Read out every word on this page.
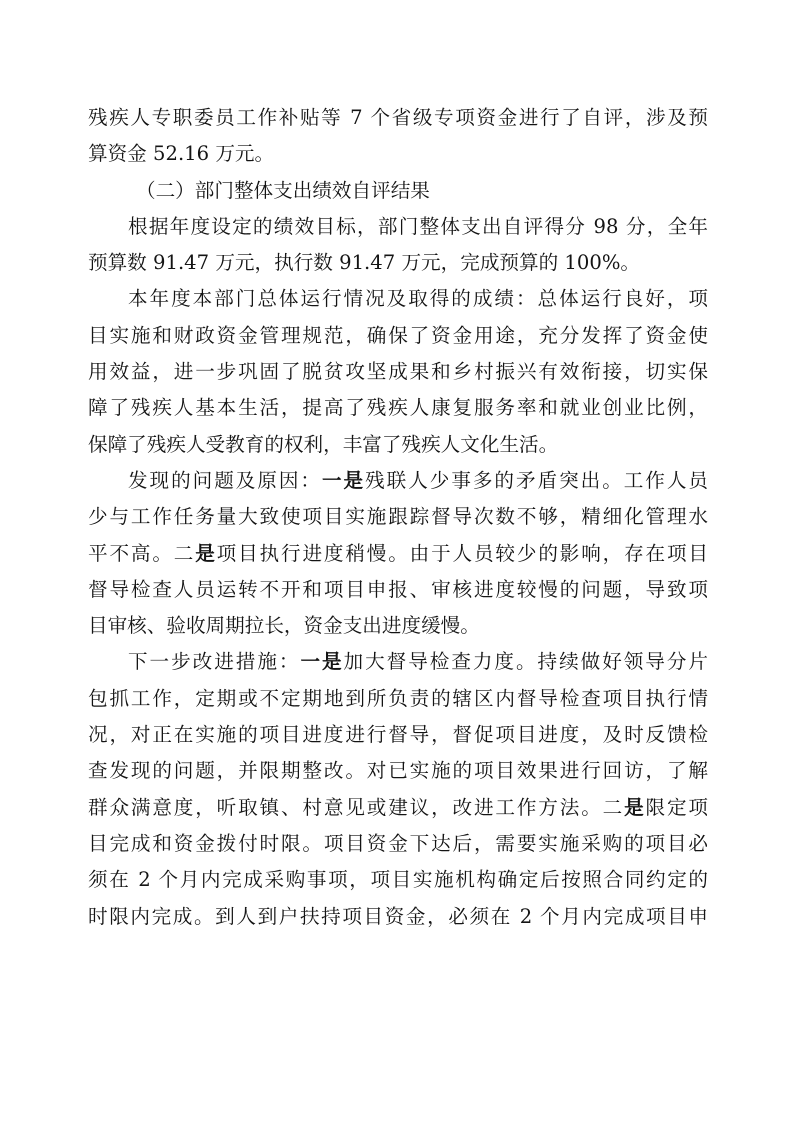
残疾人专职委员工作补贴等 7 个省级专项资金进行了自评，涉及预
算资金 52.16 万元。
（二）部门整体支出绩效自评结果
根据年度设定的绩效目标，部门整体支出自评得分 98 分，全年
预算数 91.47 万元，执行数 91.47 万元，完成预算的 100%。
本年度本部门总体运行情况及取得的成绩：总体运行良好，项
目实施和财政资金管理规范，确保了资金用途，充分发挥了资金使
用效益，进一步巩固了脱贫攻坚成果和乡村振兴有效衔接，切实保
障了残疾人基本生活，提高了残疾人康复服务率和就业创业比例，
保障了残疾人受教育的权利，丰富了残疾人文化生活。
发现的问题及原因：一是残联人少事多的矛盾突出。工作人员
少与工作任务量大致使项目实施跟踪督导次数不够，精细化管理水
平不高。二是项目执行进度稍慢。由于人员较少的影响，存在项目
督导检查人员运转不开和项目申报、审核进度较慢的问题，导致项
目审核、验收周期拉长，资金支出进度缓慢。
下一步改进措施：一是加大督导检查力度。持续做好领导分片
包抓工作，定期或不定期地到所负责的辖区内督导检查项目执行情
况，对正在实施的项目进度进行督导，督促项目进度，及时反馈检
查发现的问题，并限期整改。对已实施的项目效果进行回访，了解
群众满意度，听取镇、村意见或建议，改进工作方法。二是限定项
目完成和资金拨付时限。项目资金下达后，需要实施采购的项目必
须在 2 个月内完成采购事项，项目实施机构确定后按照合同约定的
时限内完成。到人到户扶持项目资金，必须在 2 个月内完成项目申
